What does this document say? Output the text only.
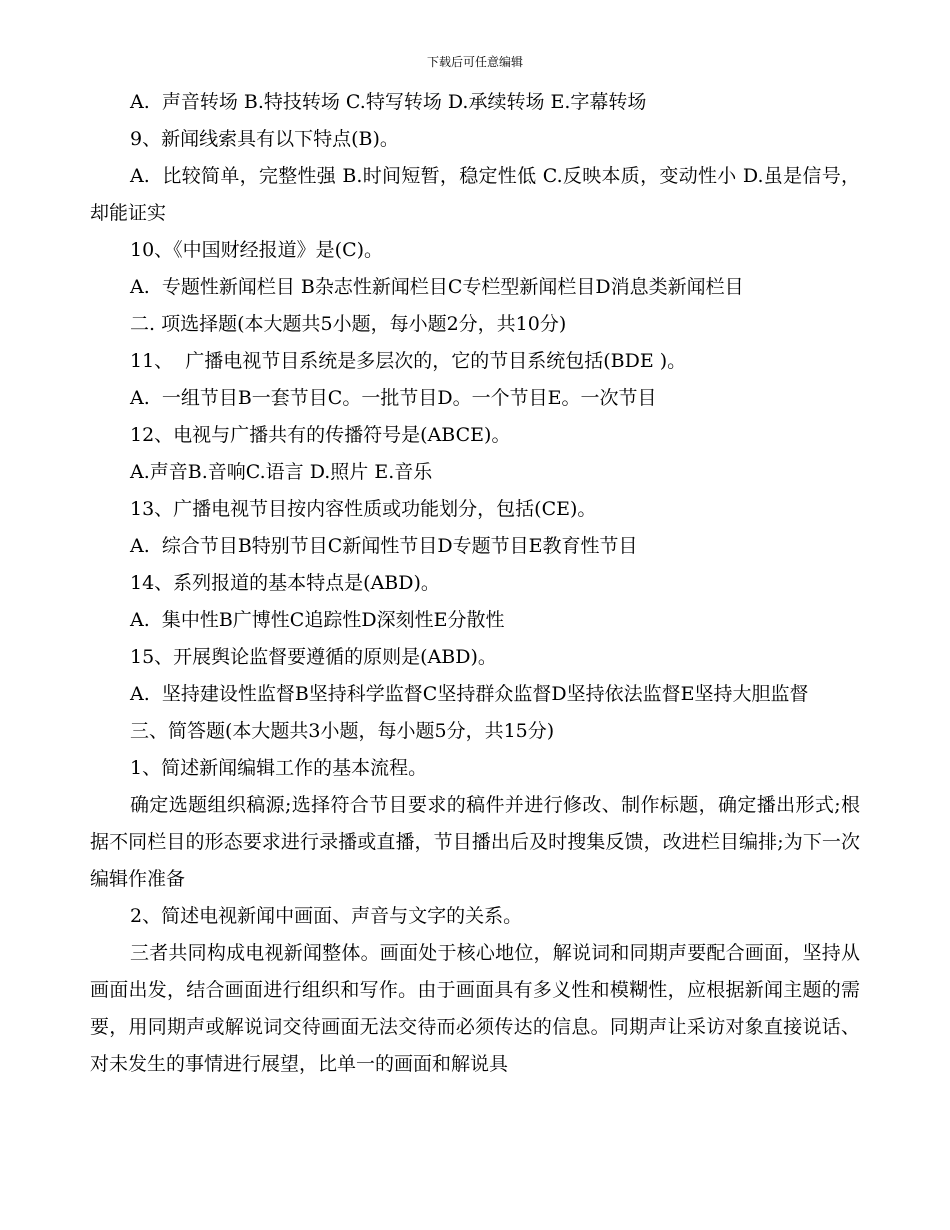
下载后可任意编辑

A.  声音转场 B.特技转场 C.特写转场 D.承续转场 E.字幕转场

9、新闻线索具有以下特点(B)。

A.  比较简单，完整性强 B.时间短暂，稳定性低 C.反映本质，变动性小 D.虽是信号，却能证实

10、《中国财经报道》是(C)。

A.  专题性新闻栏目 B杂志性新闻栏目C专栏型新闻栏目D消息类新闻栏目

二. 项选择题(本大题共5小题，每小题2分，共10分)

11、  广播电视节目系统是多层次的，它的节目系统包括(BDE )。

A.  一组节目B一套节目C。一批节目D。一个节目E。一次节目

12、电视与广播共有的传播符号是(ABCE)。

A.声音B.音响C.语言 D.照片 E.音乐

13、广播电视节目按内容性质或功能划分，包括(CE)。

A.  综合节目B特别节目C新闻性节目D专题节目E教育性节目

14、系列报道的基本特点是(ABD)。

A.  集中性B广博性C追踪性D深刻性E分散性

15、开展舆论监督要遵循的原则是(ABD)。

A.  坚持建设性监督B坚持科学监督C坚持群众监督D坚持依法监督E坚持大胆监督

三、简答题(本大题共3小题，每小题5分，共15分)

1、简述新闻编辑工作的基本流程。

确定选题组织稿源;选择符合节目要求的稿件并进行修改、制作标题，确定播出形式;根据不同栏目的形态要求进行录播或直播，节目播出后及时搜集反馈，改进栏目编排;为下一次编辑作准备

2、简述电视新闻中画面、声音与文字的关系。

三者共同构成电视新闻整体。画面处于核心地位，解说词和同期声要配合画面，坚持从画面出发，结合画面进行组织和写作。由于画面具有多义性和模糊性，应根据新闻主题的需要，用同期声或解说词交待画面无法交待而必须传达的信息。同期声让采访对象直接说话、对未发生的事情进行展望，比单一的画面和解说具
